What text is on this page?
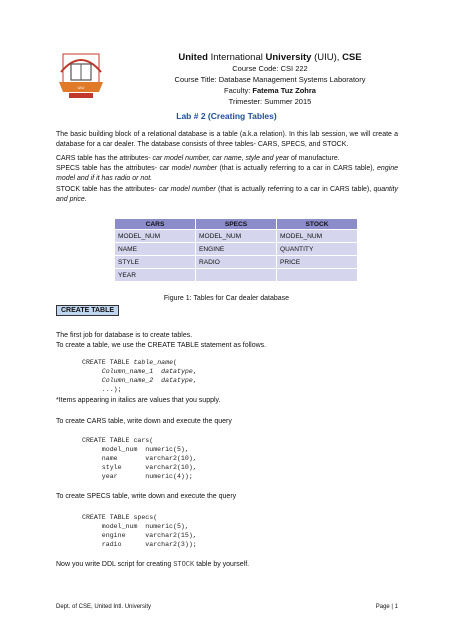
UIU
United International University (UIU), CSE
Course Code: CSI 222
Course Title: Database Management Systems Laboratory
Faculty: Fatema Tuz Zohra
Trimester: Summer 2015
Lab # 2 (Creating Tables)
The basic building block of a relational database is a table (a.k.a relation). In this lab session, we will create a database for a car dealer. The database consists of three tables- CARS, SPECS, and STOCK.
CARS table has the attributes- car model number, car name, style and year of manufacture.
SPECS table has the attributes- car model number (that is actually referring to a car in CARS table), engine model and if it has radio or not.
STOCK table has the attributes- car model number (that is actually referring to a car in CARS table), quantity and price.
CARS	SPECS	STOCK
MODEL_NUM	MODEL_NUM	MODEL_NUM
NAME	ENGINE	QUANTITY
STYLE	RADIO	PRICE
YEAR		
Figure 1: Tables for Car dealer database
CREATE TABLE
The first job for database is to create tables.
To create a table, we use the CREATE TABLE statement as follows.
CREATE TABLE table_name(
Column_name_1 datatype,
Column_name_2 datatype,
...);
*Items appearing in italics are values that you supply.
To create CARS table, write down and execute the query
CREATE TABLE cars(
model_num  numeric(5),
name       varchar2(10),
style      varchar2(10),
year       numeric(4));
To create SPECS table, write down and execute the query
CREATE TABLE specs(
model_num  numeric(5),
engine     varchar2(15),
radio      varchar2(3));
Now you write DDL script for creating STOCK table by yourself.
Dept. of CSE, United Intl. University	Page | 1
